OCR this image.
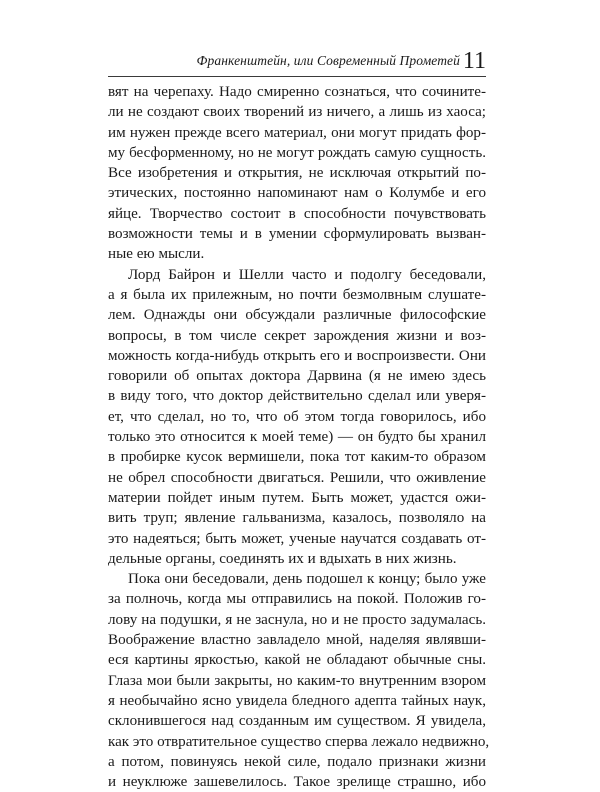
Франкенштейн, или Современный Прометей 11
вят на черепаху. Надо смиренно сознаться, что сочините-
ли не создают своих творений из ничего, а лишь из хаоса;
им нужен прежде всего материал, они могут придать фор-
му бесформенному, но не могут рождать самую сущность.
Все изобретения и открытия, не исключая открытий по-
этических, постоянно напоминают нам о Колумбе и его
яйце. Творчество состоит в способности почувствовать
возможности темы и в умении сформулировать вызван-
ные ею мысли.
Лорд Байрон и Шелли часто и подолгу беседовали,
а я была их прилежным, но почти безмолвным слушате-
лем. Однажды они обсуждали различные философские
вопросы, в том числе секрет зарождения жизни и воз-
можность когда-нибудь открыть его и воспроизвести. Они
говорили об опытах доктора Дарвина (я не имею здесь
в виду того, что доктор действительно сделал или уверя-
ет, что сделал, но то, что об этом тогда говорилось, ибо
только это относится к моей теме) — он будто бы хранил
в пробирке кусок вермишели, пока тот каким-то образом
не обрел способности двигаться. Решили, что оживление
материи пойдет иным путем. Быть может, удастся ожи-
вить труп; явление гальванизма, казалось, позволяло на
это надеяться; быть может, ученые научатся создавать от-
дельные органы, соединять их и вдыхать в них жизнь.
Пока они беседовали, день подошел к концу; было уже
за полночь, когда мы отправились на покой. Положив го-
лову на подушки, я не заснула, но и не просто задумалась.
Воображение властно завладело мной, наделяя являвши-
еся картины яркостью, какой не обладают обычные сны.
Глаза мои были закрыты, но каким-то внутренним взором
я необычайно ясно увидела бледного адепта тайных наук,
склонившегося над созданным им существом. Я увидела,
как это отвратительное существо сперва лежало недвижно,
а потом, повинуясь некой силе, подало признаки жизни
и неуклюже зашевелилось. Такое зрелище страшно, ибо
